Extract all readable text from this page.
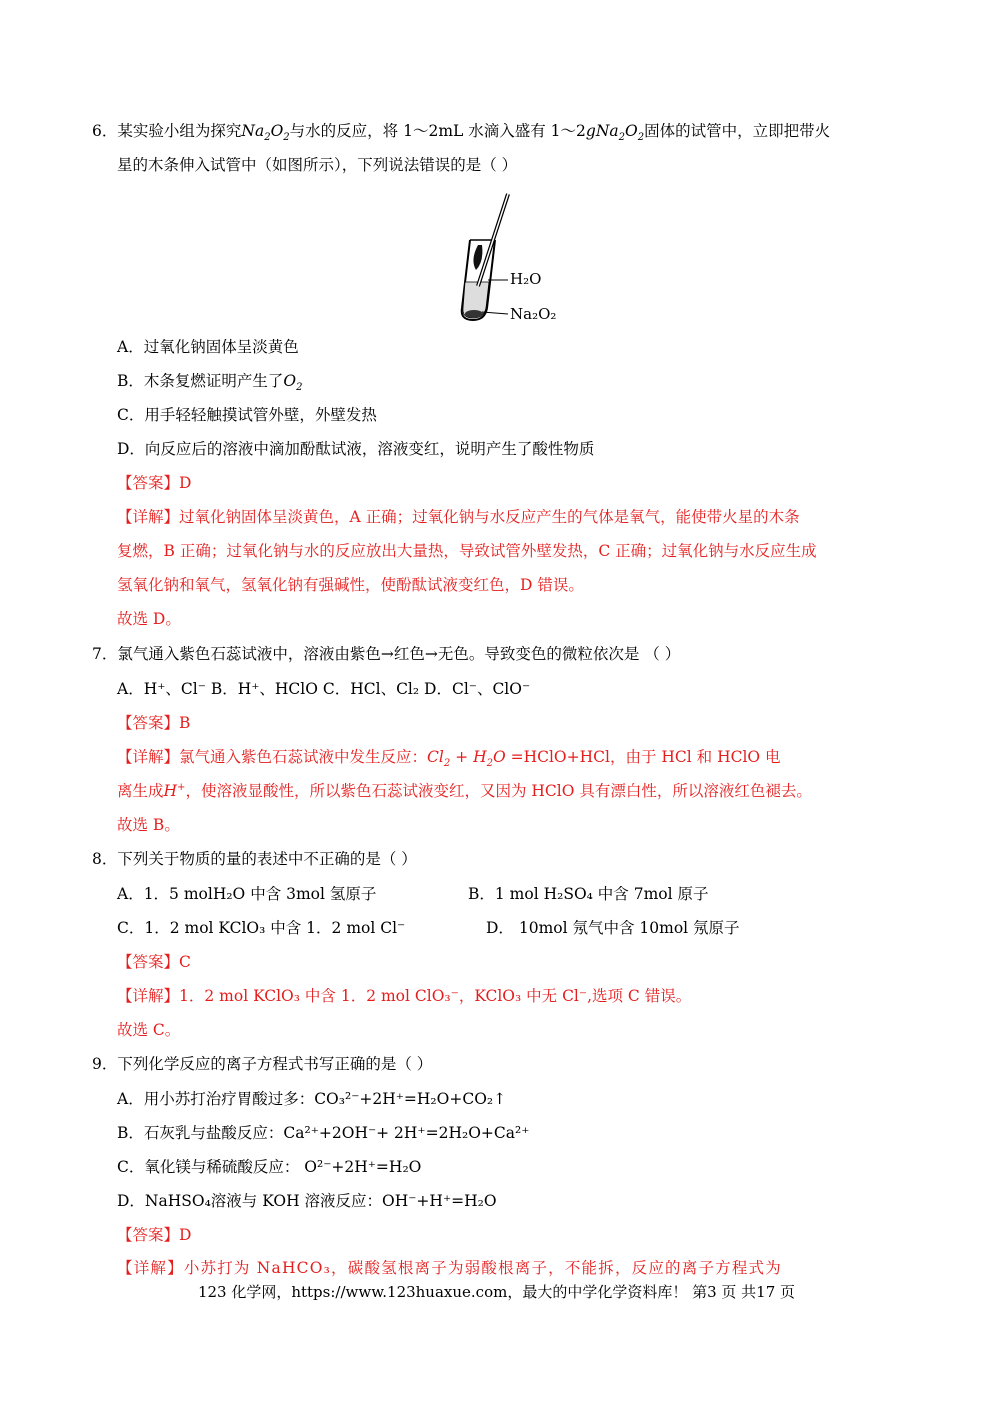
6．某实验小组为探究$Na_2O_2$与水的反应，将 1～2mL 水滴入盛有 $1\sim 2gNa_2O_2$固体的试管中，立即把带火
星的木条伸入试管中（如图所示），下列说法错误的是（ ）
H₂O
Na₂O₂
A．过氧化钠固体呈淡黄色
B．木条复燃证明产生了$O_2$
C．用手轻轻触摸试管外壁，外壁发热
D．向反应后的溶液中滴加酚酞试液，溶液变红，说明产生了酸性物质
【答案】D
【详解】过氧化钠固体呈淡黄色，A 正确；过氧化钠与水反应产生的气体是氧气，能使带火星的木条
复燃，B 正确；过氧化钠与水的反应放出大量热，导致试管外壁发热，C 正确；过氧化钠与水反应生成
氢氧化钠和氧气，氢氧化钠有强碱性，使酚酞试液变红色，D 错误。
故选 D。
7．氯气通入紫色石蕊试液中，溶液由紫色→红色→无色。导致变色的微粒依次是 （ ）
A．H⁺、Cl⁻ B．H⁺、HClO C．HCl、Cl₂ D．Cl⁻、ClO⁻
【答案】B
【详解】氯气通入紫色石蕊试液中发生反应：$Cl_2 + H_2O$ =HClO+HCl，由于 HCl 和 HClO 电
离生成H+，使溶液显酸性，所以紫色石蕊试液变红，又因为 HClO 具有漂白性，所以溶液红色褪去。
故选 B。
8．下列关于物质的量的表述中不正确的是（ ）
A．1．5 molH₂O 中含 3mol 氢原子	B．1 mol H₂SO₄ 中含 7mol 原子
C．1．2 mol KClO₃ 中含 1．2 mol Cl⁻	D． 10mol 氖气中含 10mol 氖原子
【答案】C
【详解】1．2 mol KClO₃ 中含 1．2 mol ClO₃⁻，KClO₃ 中无 Cl⁻,选项 C 错误。
故选 C。
9．下列化学反应的离子方程式书写正确的是（ ）
A．用小苏打治疗胃酸过多：CO₃²⁻+2H⁺=H₂O+CO₂↑
B．石灰乳与盐酸反应：Ca²⁺+2OH⁻+ 2H⁺=2H₂O+Ca²⁺
C．氧化镁与稀硫酸反应： O²⁻+2H⁺=H₂O
D．NaHSO₄溶液与 KOH 溶液反应：OH⁻+H⁺=H₂O
【答案】D
【详解】小苏打为 NaHCO₃，碳酸氢根离子为弱酸根离子，不能拆，反应的离子方程式为
123 化学网，https://www.123huaxue.com，最大的中学化学资料库！ 第3 页 共17 页
